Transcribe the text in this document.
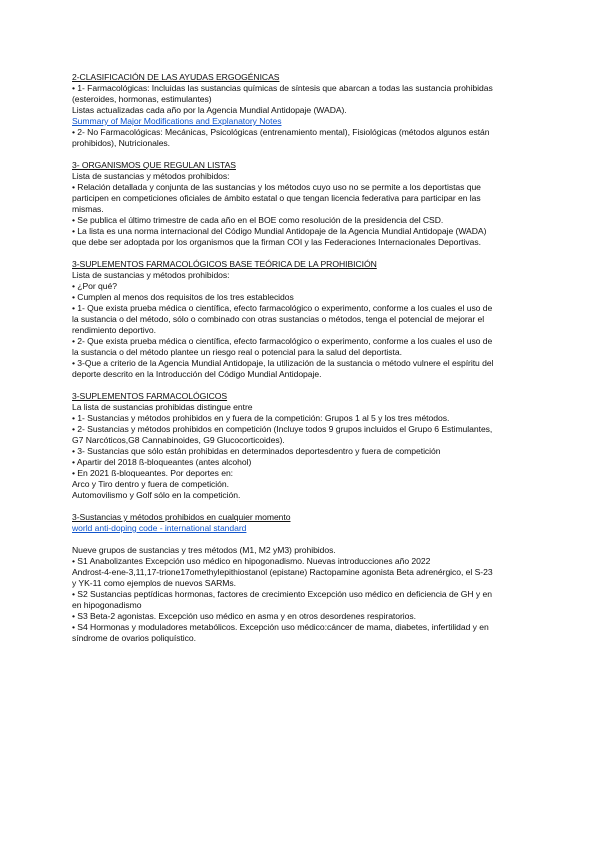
2-CLASIFICACIÓN DE LAS AYUDAS ERGOGÉNICAS
• 1- Farmacológicas: Incluidas las sustancias químicas de síntesis que abarcan a todas las sustancia prohibidas
(esteroides, hormonas, estimulantes)
Listas actualizadas cada año por la Agencia Mundial Antidopaje (WADA).
Summary of Major Modifications and Explanatory Notes
• 2- No Farmacológicas: Mecánicas, Psicológicas (entrenamiento mental), Fisiológicas (métodos algunos están
prohibidos), Nutricionales.
3- ORGANISMOS QUE REGULAN LISTAS
Lista de sustancias y métodos prohibidos:
• Relación detallada y conjunta de las sustancias y los métodos cuyo uso no se permite a los deportistas que
participen en competiciones oficiales de ámbito estatal o que tengan licencia federativa para participar en las
mismas.
• Se publica el último trimestre de cada año en el BOE como resolución de la presidencia del CSD.
• La lista es una norma internacional del Código Mundial Antidopaje de la Agencia Mundial Antidopaje (WADA)
que debe ser adoptada por los organismos que la firman COI y las Federaciones Internacionales Deportivas.
3-SUPLEMENTOS FARMACOLÓGICOS BASE TEÓRICA DE LA PROHIBICIÓN
Lista de sustancias y métodos prohibidos:
• ¿Por qué?
• Cumplen al menos dos requisitos de los tres establecidos
• 1- Que exista prueba médica o científica, efecto farmacológico o experimento, conforme a los cuales el uso de
la sustancia o del método, sólo o combinado con otras sustancias o métodos, tenga el potencial de mejorar el
rendimiento deportivo.
• 2- Que exista prueba médica o científica, efecto farmacológico o experimento, conforme a los cuales el uso de
la sustancia o del método plantee un riesgo real o potencial para la salud del deportista.
• 3-Que a criterio de la Agencia Mundial Antidopaje, la utilización de la sustancia o método vulnere el espíritu del
deporte descrito en la Introducción del Código Mundial Antidopaje.
3-SUPLEMENTOS FARMACOLÓGICOS
La lista de sustancias prohibidas distingue entre
• 1- Sustancias y métodos prohibidos en y fuera de la competición: Grupos 1 al 5 y los tres métodos.
• 2- Sustancias y métodos prohibidos en competición (Incluye todos 9 grupos incluidos el Grupo 6 Estimulantes,
G7 Narcóticos,G8 Cannabinoides, G9 Glucocorticoides).
• 3- Sustancias que sólo están prohibidas en determinados deportesdentro y fuera de competición
• Apartir del 2018 ß-bloqueantes (antes alcohol)
• En 2021 ß-bloqueantes. Por deportes en:
Arco y Tiro dentro y fuera de competición.
Automovilismo y Golf sólo en la competición.
3-Sustancias y métodos prohibidos en cualquier momento
world anti-doping code - international standard

Nueve grupos de sustancias y tres métodos (M1, M2 yM3) prohibidos.
• S1 Anabolizantes Excepción uso médico en hipogonadismo. Nuevas introducciones año 2022
Androst-4-ene-3,11,17-trione17omethylepithiostanol (epistane) Ractopamine agonista Beta adrenérgico, el S-23
y YK-11 como ejemplos de nuevos SARMs.
• S2 Sustancias peptídicas hormonas, factores de crecimiento Excepción uso médico en deficiencia de GH y en
en hipogonadismo
• S3 Beta-2 agonistas. Excepción uso médico en asma y en otros desordenes respiratorios.
• S4 Hormonas y moduladores metabólicos. Excepción uso médico:cáncer de mama, diabetes, infertilidad y en
síndrome de ovarios poliquístico.
